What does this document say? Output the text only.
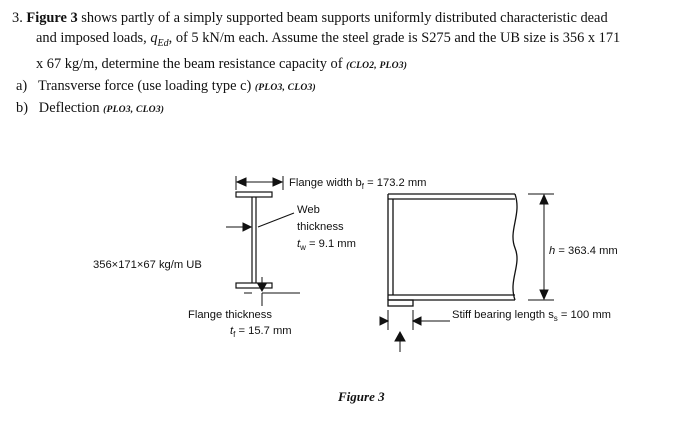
3. Figure 3 shows partly of a simply supported beam supports uniformly distributed characteristic dead
and imposed loads, $q_{Ed}$, of 5 kN/m each. Assume the steel grade is S275 and the UB size is 356 x 171
x 67 kg/m, determine the beam resistance capacity of (CLO2, PLO3)
a) Transverse force (use loading type c) (PLO3, CLO3)
b) Deflection (PLO3, CLO3)
Flange width $b_f = 173.2$ mm
Web
thickness
$t_w = 9.1$ mm
356×171×67 kg/m UB
Flange thickness
$t_f = 15.7$ mm
h = 363.4 mm
Stiff bearing length $s_s = 100$ mm
Figure 3
